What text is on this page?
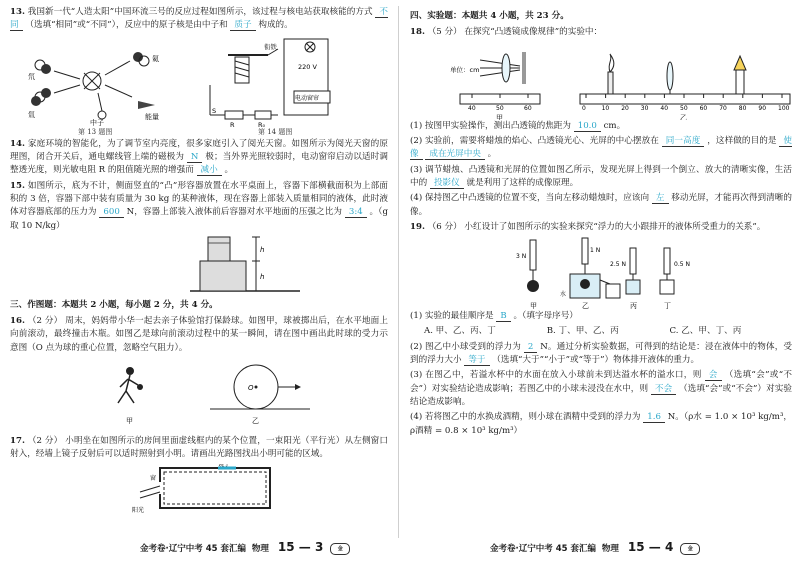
13. 我国新一代“人造太阳”中国环流三号的反应过程如图所示，该过程与核电站获取核能的方式 不同 （选填“相同”或“不同”），反应中的原子核是由中子和 质子 构成的。

氘
氚
氦
能量
中子
衔铁
220 V
电动窗帘
S
R	R₀
第 13 题图	第 14 题图

14. 家庭环境的智能化，为了调节室内亮度，很多家庭引入了阅光天窗。如图所示为阅光天窗的原理图，闭合开关后，通电螺线管上端的磁极为 N 极；当外界光照较弱时，电动窗帘启动以适时调整透光度，则光敏电阻 R 的阻值随光照的增强而 减小 。

15. 如图所示，底为不计，侧面竖直的“凸”形容器放置在水平桌面上，容器下部横截面积为上部面积的 3 倍，容器下部中装有质量为 30 kg 的某种液体，现在容器上部装入质量相同的液体，此时液体对容器底部的压力为 600 N，容器上部装入液体前后容器对水平地面的压强之比为 3:4 。（g 取 10 N/kg）

h
h

三、作图题：本题共 2 小题，每小题 2 分，共 4 分。

16. （2 分） 周末，妈妈带小华一起去亲子体验馆打保龄球。如图甲，球被掷出后，在水平地面上向前滚动，最终撞击木瓶。如图乙是球向前滚动过程中的某一瞬间，请在图中画出此时球的受力示意图（O 点为球的重心位置，忽略空气阻力）。

O
甲	乙

17. （2 分） 小明坐在如图所示的房间里面虚线框内的某个位置，一束阳光（平行光）从左侧窗口射入，经墙上镜子反射后可以适时照射到小明。请画出光路图找出小明可能的区域。

镜子
窗
阳光
金考卷·辽宁中考 45 套汇编 物理 15 — 3	金

四、实验题：本题共 4 小题，共 23 分。

18. （5 分） 在探究“凸透镜成像规律”的实验中：

单位：cm
40	50	60	0	10 20 30 40 50 60 70 80 90 100
甲	乙

(1) 按图甲实验操作，测出凸透镜的焦距为 10.0 cm。

(2) 实验前，需要将蜡烛的焰心、凸透镜光心、光屏的中心摆放在 同一高度 ，这样做的目的是 使像 成在光屏中央 。

(3) 调节蜡烛、凸透镜和光屏的位置如图乙所示，发现光屏上得到一个倒立、放大的清晰实像，生活中的 投影仪 就是利用了这样的成像原理。

(4) 保持图乙中凸透镜的位置不变，当向左移动蜡烛时，应该向 左 移动光屏，才能再次得到清晰的像。

19. （6 分） 小红设计了如图所示的实验来探究“浮力的大小跟排开的液体所受重力的关系”。

3 N
1 N
水
2.5 N	0.5 N
甲	乙	丙	丁

(1) 实验的最佳顺序是 B 。（填字母序号）

A. 甲、乙、丙、丁	B. 丁、甲、乙、丙	C. 乙、甲、丁、丙

(2) 图乙中小球受到的浮力为 2 N。通过分析实验数据，可得到的结论是：浸在液体中的物体，受到的浮力大小 等于 （选填“大于”“小于”或“等于”）物体排开液体的重力。

(3) 在图乙中，若溢水杯中的水面在放入小球前未到达溢水杯的溢水口，则 会 （选填“会”或“不会”）对实验结论造成影响；若图乙中的小球未浸没在水中，则 不会 （选填“会”或“不会”）对实验结论造成影响。

(4) 若将图乙中的水换成酒精，则小球在酒精中受到的浮力为 1.6 N。（ρ水 = 1.0 × 10³ kg/m³， ρ酒精 = 0.8 × 10³ kg/m³）

金考卷·辽宁中考 45 套汇编 物理 15 — 4	金
